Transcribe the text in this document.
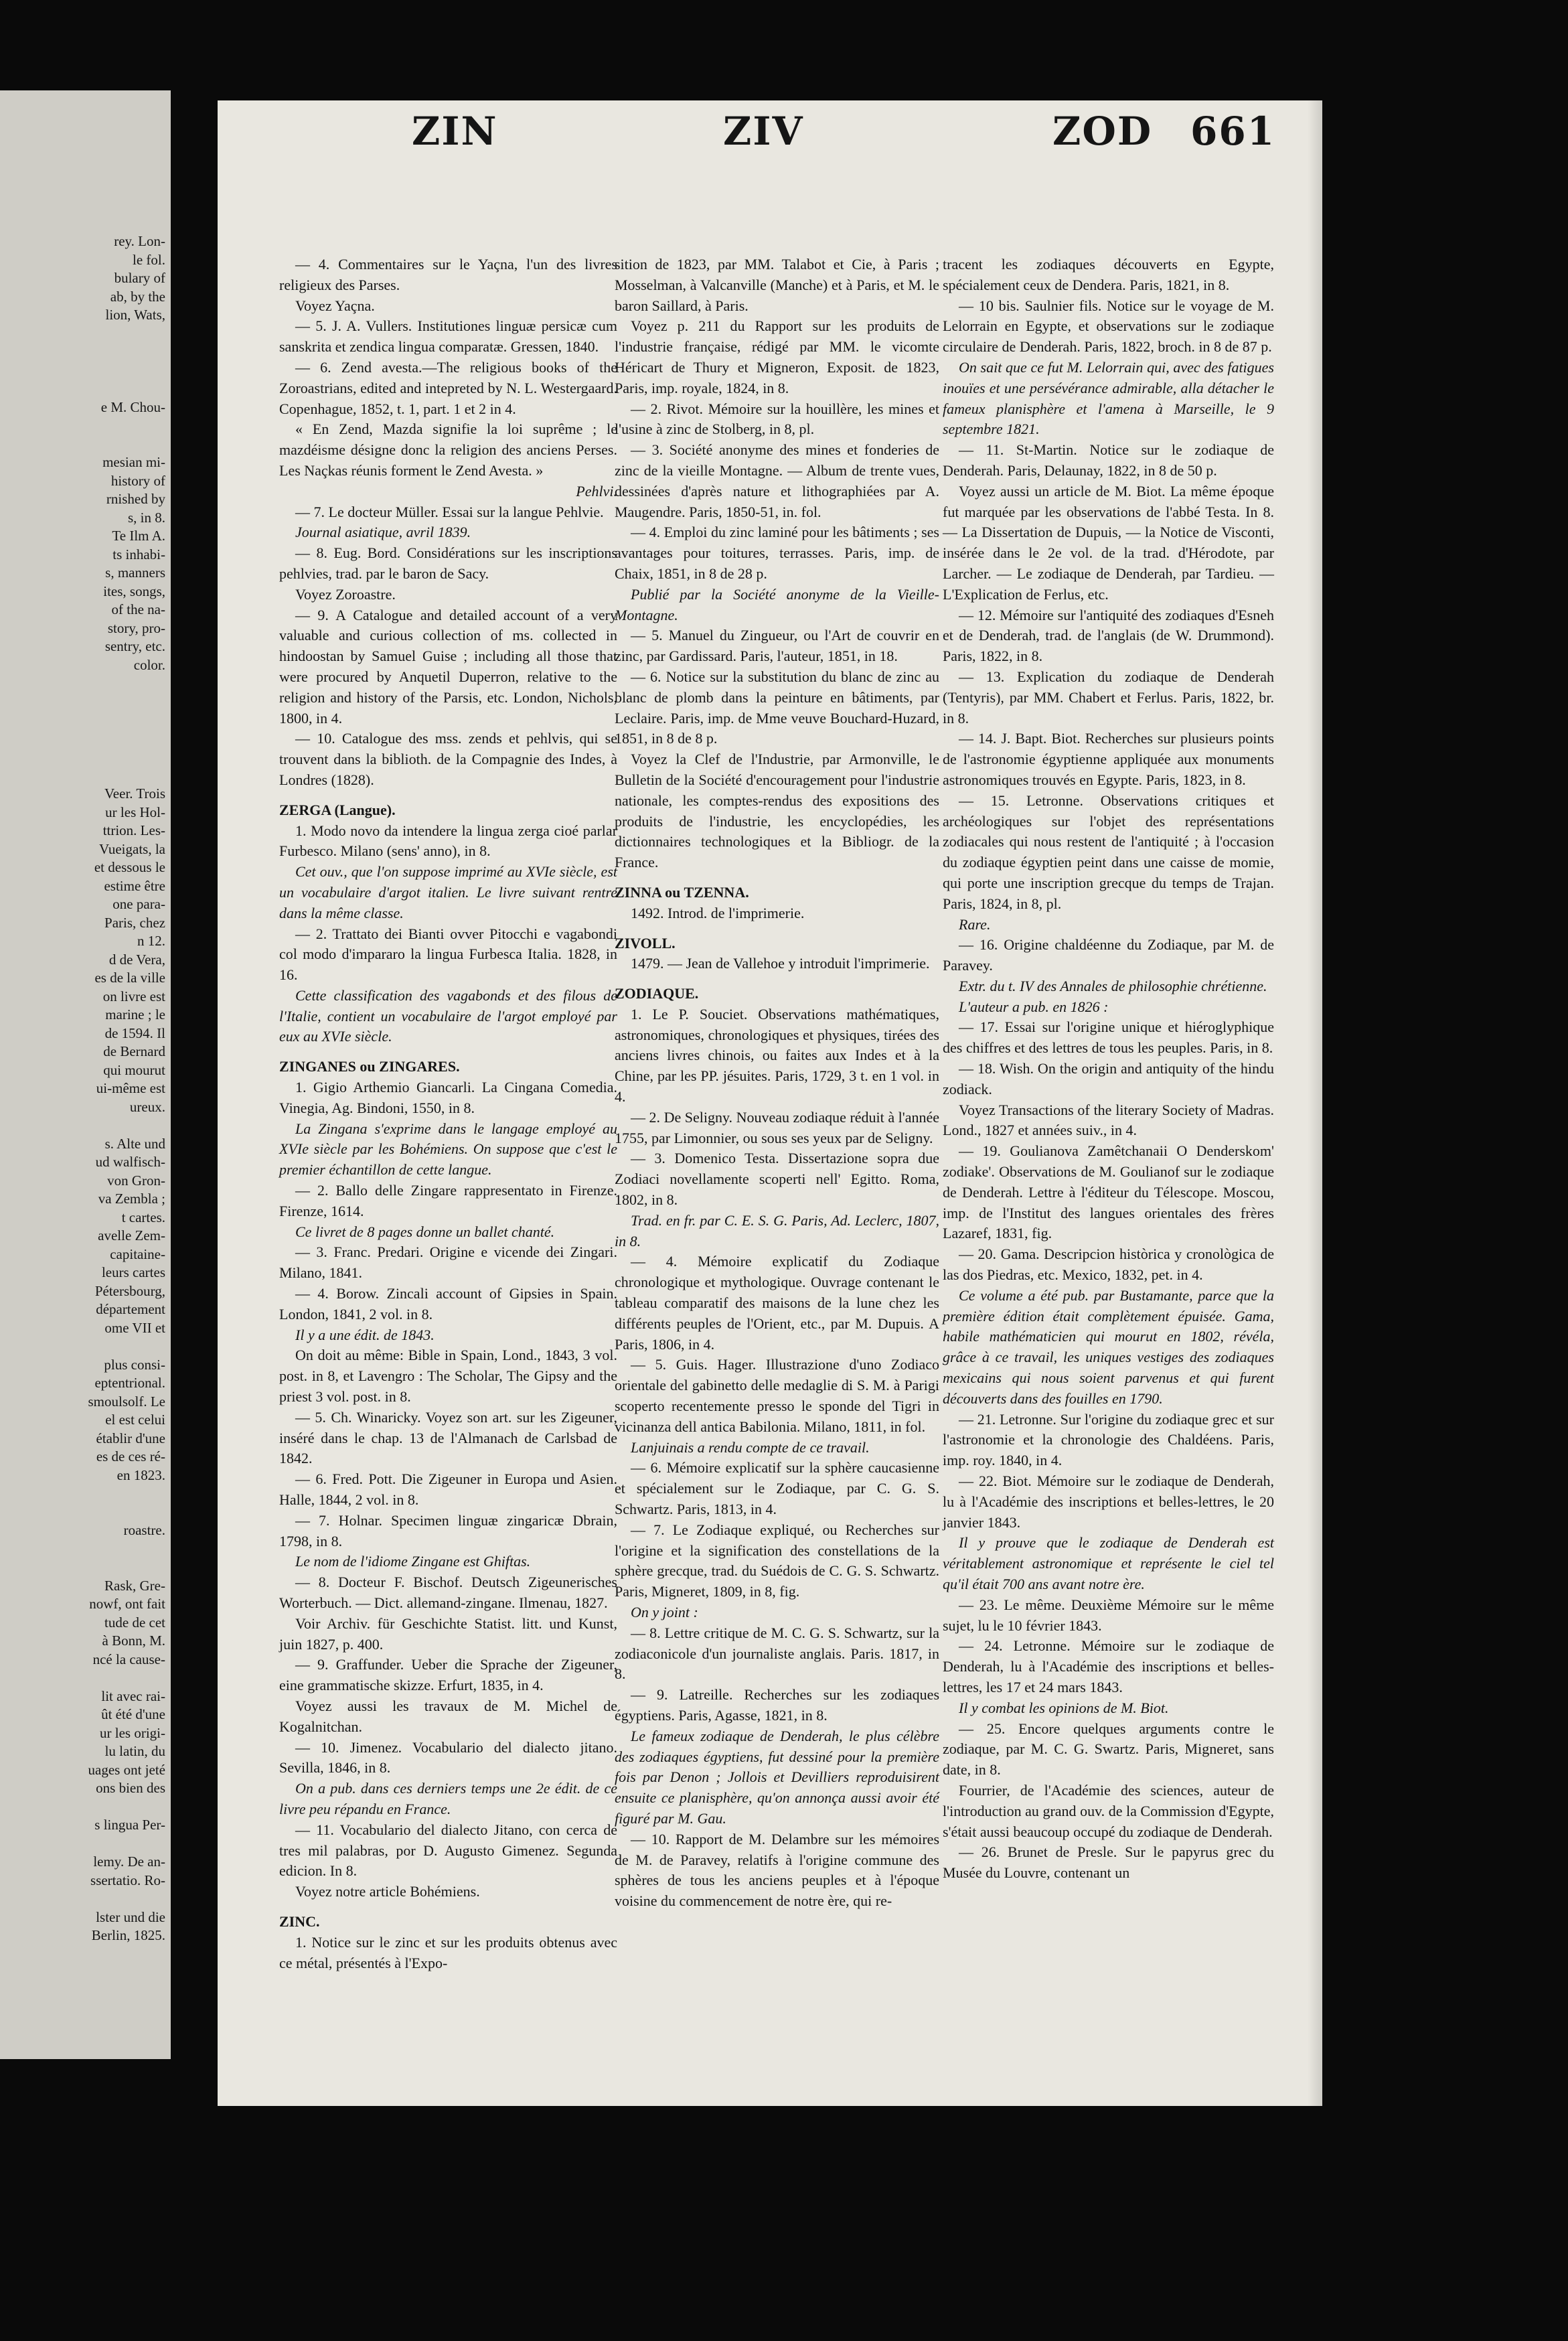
rey. Lon-
le fol.
bulary of
ab, by the
lion, Wats,
e M. Chou-
mesian mi-
history of
rnished by
s, in 8.
Te Ilm A.
ts inhabi-
s, manners
ites, songs,
of the na-
story, pro-
sentry, etc.
color.
Veer. Trois
ur les Hol-
ttrion. Les-
Vueigats, la
et dessous le
estime être
one para-
Paris, chez
n 12.
d de Vera,
es de la ville
on livre est
marine ; le
de 1594. Il
de Bernard
qui mourut
ui-même est
ureux.
s. Alte und
ud walfisch-
von Gron-
va Zembla ;
t cartes.
avelle Zem-
capitaine-
leurs cartes
Pétersbourg,
département
ome VII et
plus consi-
eptentrional.
smoulsolf. Le
el est celui
établir d'une
es de ces ré-
en 1823.
roastre.
Rask, Gre-
nowf, ont fait
tude de cet
à Bonn, M.
ncé la cause-
lit avec rai-
ût été d'une
ur les origi-
lu latin, du
uages ont jeté
ons bien des
s lingua Per-
lemy. De an-
ssertatio. Ro-
lster und die
Berlin, 1825.
ZIN	ZIV	ZOD 661

— 4. Commentaires sur le Yaçna, l'un des livres religieux des Parses.

Voyez Yaçna.

— 5. J. A. Vullers. Institutiones linguæ persicæ cum sanskrita et zendica lingua comparatæ. Gressen, 1840.

— 6. Zend avesta.—The religious books of the Zoroastrians, edited and intepreted by N. L. Westergaard. Copenhague, 1852, t. 1, part. 1 et 2 in 4.

« En Zend, Mazda signifie la loi suprême ; le mazdéisme désigne donc la religion des anciens Perses. Les Naçkas réunis forment le Zend Avesta. »

Pehlvi.

— 7. Le docteur Müller. Essai sur la langue Pehlvie.

Journal asiatique, avril 1839.

— 8. Eug. Bord. Considérations sur les inscriptions pehlvies, trad. par le baron de Sacy.

Voyez Zoroastre.

— 9. A Catalogue and detailed account of a very valuable and curious collection of ms. collected in hindoostan by Samuel Guise ; including all those that were procured by Anquetil Duperron, relative to the religion and history of the Parsis, etc. London, Nichols, 1800, in 4.

— 10. Catalogue des mss. zends et pehlvis, qui se trouvent dans la biblioth. de la Compagnie des Indes, à Londres (1828).

ZERGA (Langue).

1. Modo novo da intendere la lingua zerga cioé parlar Furbesco. Milano (sens' anno), in 8.

Cet ouv., que l'on suppose imprimé au XVIe siècle, est un vocabulaire d'argot italien. Le livre suivant rentre dans la même classe.

— 2. Trattato dei Bianti ovver Pitocchi e vagabondi col modo d'impararo la lingua Furbesca Italia. 1828, in 16.

Cette classification des vagabonds et des filous de l'Italie, contient un vocabulaire de l'argot employé par eux au XVIe siècle.

ZINGANES ou ZINGARES.

1. Gigio Arthemio Giancarli. La Cingana Comedia. Vinegia, Ag. Bindoni, 1550, in 8.

La Zingana s'exprime dans le langage employé au XVIe siècle par les Bohémiens. On suppose que c'est le premier échantillon de cette langue.

— 2. Ballo delle Zingare rappresentato in Firenze. Firenze, 1614.

Ce livret de 8 pages donne un ballet chanté.

— 3. Franc. Predari. Origine e vicende dei Zingari. Milano, 1841.

— 4. Borow. Zincali account of Gipsies in Spain. London, 1841, 2 vol. in 8.

Il y a une édit. de 1843.

On doit au même: Bible in Spain, Lond., 1843, 3 vol. post. in 8, et Lavengro : The Scholar, The Gipsy and the priest 3 vol. post. in 8.

— 5. Ch. Winaricky. Voyez son art. sur les Zigeuner, inséré dans le chap. 13 de l'Almanach de Carlsbad de 1842.

— 6. Fred. Pott. Die Zigeuner in Europa und Asien. Halle, 1844, 2 vol. in 8.

— 7. Holnar. Specimen linguæ zingaricæ Dbrain, 1798, in 8.

Le nom de l'idiome Zingane est Ghiftas.

— 8. Docteur F. Bischof. Deutsch Zigeunerisches Worterbuch. — Dict. allemand-zingane. Ilmenau, 1827.

Voir Archiv. für Geschichte Statist. litt. und Kunst, juin 1827, p. 400.

— 9. Graffunder. Ueber die Sprache der Zigeuner, eine grammatische skizze. Erfurt, 1835, in 4.

Voyez aussi les travaux de M. Michel de Kogalnitchan.

— 10. Jimenez. Vocabulario del dialecto jitano. Sevilla, 1846, in 8.

On a pub. dans ces derniers temps une 2e édit. de ce livre peu répandu en France.

— 11. Vocabulario del dialecto Jitano, con cerca de tres mil palabras, por D. Augusto Gimenez. Segunda edicion. In 8.

Voyez notre article Bohémiens.

ZINC.

1. Notice sur le zinc et sur les produits obtenus avec ce métal, présentés à l'Expo-

sition de 1823, par MM. Talabot et Cie, à Paris ; Mosselman, à Valcanville (Manche) et à Paris, et M. le baron Saillard, à Paris.

Voyez p. 211 du Rapport sur les produits de l'industrie française, rédigé par MM. le vicomte Héricart de Thury et Migneron, Exposit. de 1823, Paris, imp. royale, 1824, in 8.

— 2. Rivot. Mémoire sur la houillère, les mines et l'usine à zinc de Stolberg, in 8, pl.

— 3. Société anonyme des mines et fonderies de zinc de la vieille Montagne. — Album de trente vues, dessinées d'après nature et lithographiées par A. Maugendre. Paris, 1850-51, in. fol.

— 4. Emploi du zinc laminé pour les bâtiments ; ses avantages pour toitures, terrasses. Paris, imp. de Chaix, 1851, in 8 de 28 p.

Publié par la Société anonyme de la Vieille-Montagne.

— 5. Manuel du Zingueur, ou l'Art de couvrir en zinc, par Gardissard. Paris, l'auteur, 1851, in 18.

— 6. Notice sur la substitution du blanc de zinc au blanc de plomb dans la peinture en bâtiments, par Leclaire. Paris, imp. de Mme veuve Bouchard-Huzard, 1851, in 8 de 8 p.

Voyez la Clef de l'Industrie, par Armonville, le Bulletin de la Société d'encouragement pour l'industrie nationale, les comptes-rendus des expositions des produits de l'industrie, les encyclopédies, les dictionnaires technologiques et la Bibliogr. de la France.

ZINNA ou TZENNA.

1492. Introd. de l'imprimerie.

ZIVOLL.

1479. — Jean de Vallehoe y introduit l'imprimerie.

ZODIAQUE.

1. Le P. Souciet. Observations mathématiques, astronomiques, chronologiques et physiques, tirées des anciens livres chinois, ou faites aux Indes et à la Chine, par les PP. jésuites. Paris, 1729, 3 t. en 1 vol. in 4.

— 2. De Seligny. Nouveau zodiaque réduit à l'année 1755, par Limonnier, ou sous ses yeux par de Seligny.

— 3. Domenico Testa. Dissertazione sopra due Zodiaci novellamente scoperti nell' Egitto. Roma, 1802, in 8.

Trad. en fr. par C. E. S. G. Paris, Ad. Leclerc, 1807, in 8.

— 4. Mémoire explicatif du Zodiaque chronologique et mythologique. Ouvrage contenant le tableau comparatif des maisons de la lune chez les différents peuples de l'Orient, etc., par M. Dupuis. A Paris, 1806, in 4.

— 5. Guis. Hager. Illustrazione d'uno Zodiaco orientale del gabinetto delle medaglie di S. M. à Parigi scoperto recentemente presso le sponde del Tigri in vicinanza dell antica Babilonia. Milano, 1811, in fol.

Lanjuinais a rendu compte de ce travail.

— 6. Mémoire explicatif sur la sphère caucasienne et spécialement sur le Zodiaque, par C. G. S. Schwartz. Paris, 1813, in 4.

— 7. Le Zodiaque expliqué, ou Recherches sur l'origine et la signification des constellations de la sphère grecque, trad. du Suédois de C. G. S. Schwartz. Paris, Migneret, 1809, in 8, fig.

On y joint :

— 8. Lettre critique de M. C. G. S. Schwartz, sur la zodiaconicole d'un journaliste anglais. Paris. 1817, in 8.

— 9. Latreille. Recherches sur les zodiaques égyptiens. Paris, Agasse, 1821, in 8.

Le fameux zodiaque de Denderah, le plus célèbre des zodiaques égyptiens, fut dessiné pour la première fois par Denon ; Jollois et Devilliers reproduisirent ensuite ce planisphère, qu'on annonça aussi avoir été figuré par M. Gau.

— 10. Rapport de M. Delambre sur les mémoires de M. de Paravey, relatifs à l'origine commune des sphères de tous les anciens peuples et à l'époque voisine du commencement de notre ère, qui re-

tracent les zodiaques découverts en Egypte, spécialement ceux de Dendera. Paris, 1821, in 8.

— 10 bis. Saulnier fils. Notice sur le voyage de M. Lelorrain en Egypte, et observations sur le zodiaque circulaire de Denderah. Paris, 1822, broch. in 8 de 87 p.

On sait que ce fut M. Lelorrain qui, avec des fatigues inouïes et une persévérance admirable, alla détacher le fameux planisphère et l'amena à Marseille, le 9 septembre 1821.

— 11. St-Martin. Notice sur le zodiaque de Denderah. Paris, Delaunay, 1822, in 8 de 50 p.

Voyez aussi un article de M. Biot. La même époque fut marquée par les observations de l'abbé Testa. In 8. — La Dissertation de Dupuis, — la Notice de Visconti, insérée dans le 2e vol. de la trad. d'Hérodote, par Larcher. — Le zodiaque de Denderah, par Tardieu. — L'Explication de Ferlus, etc.

— 12. Mémoire sur l'antiquité des zodiaques d'Esneh et de Denderah, trad. de l'anglais (de W. Drummond). Paris, 1822, in 8.

— 13. Explication du zodiaque de Denderah (Tentyris), par MM. Chabert et Ferlus. Paris, 1822, br. in 8.

— 14. J. Bapt. Biot. Recherches sur plusieurs points de l'astronomie égyptienne appliquée aux monuments astronomiques trouvés en Egypte. Paris, 1823, in 8.

— 15. Letronne. Observations critiques et archéologiques sur l'objet des représentations zodiacales qui nous restent de l'antiquité ; à l'occasion du zodiaque égyptien peint dans une caisse de momie, qui porte une inscription grecque du temps de Trajan. Paris, 1824, in 8, pl.

Rare.

— 16. Origine chaldéenne du Zodiaque, par M. de Paravey.

Extr. du t. IV des Annales de philosophie chrétienne.

L'auteur a pub. en 1826 :

— 17. Essai sur l'origine unique et hiéroglyphique des chiffres et des lettres de tous les peuples. Paris, in 8.

— 18. Wish. On the origin and antiquity of the hindu zodiack.

Voyez Transactions of the literary Society of Madras. Lond., 1827 et années suiv., in 4.

— 19. Goulianova Zamêtchanaii O Denderskom' zodiake'. Observations de M. Goulianof sur le zodiaque de Denderah. Lettre à l'éditeur du Télescope. Moscou, imp. de l'Institut des langues orientales des frères Lazaref, 1831, fig.

— 20. Gama. Descripcion històrica y cronològica de las dos Piedras, etc. Mexico, 1832, pet. in 4.

Ce volume a été pub. par Bustamante, parce que la première édition était complètement épuisée. Gama, habile mathématicien qui mourut en 1802, révéla, grâce à ce travail, les uniques vestiges des zodiaques mexicains qui nous soient parvenus et qui furent découverts dans des fouilles en 1790.

— 21. Letronne. Sur l'origine du zodiaque grec et sur l'astronomie et la chronologie des Chaldéens. Paris, imp. roy. 1840, in 4.

— 22. Biot. Mémoire sur le zodiaque de Denderah, lu à l'Académie des inscriptions et belles-lettres, le 20 janvier 1843.

Il y prouve que le zodiaque de Denderah est véritablement astronomique et représente le ciel tel qu'il était 700 ans avant notre ère.

— 23. Le même. Deuxième Mémoire sur le même sujet, lu le 10 février 1843.

— 24. Letronne. Mémoire sur le zodiaque de Denderah, lu à l'Académie des inscriptions et belles-lettres, les 17 et 24 mars 1843.

Il y combat les opinions de M. Biot.

— 25. Encore quelques arguments contre le zodiaque, par M. C. G. Swartz. Paris, Migneret, sans date, in 8.

Fourrier, de l'Académie des sciences, auteur de l'introduction au grand ouv. de la Commission d'Egypte, s'était aussi beaucoup occupé du zodiaque de Denderah.

— 26. Brunet de Presle. Sur le papyrus grec du Musée du Louvre, contenant un
